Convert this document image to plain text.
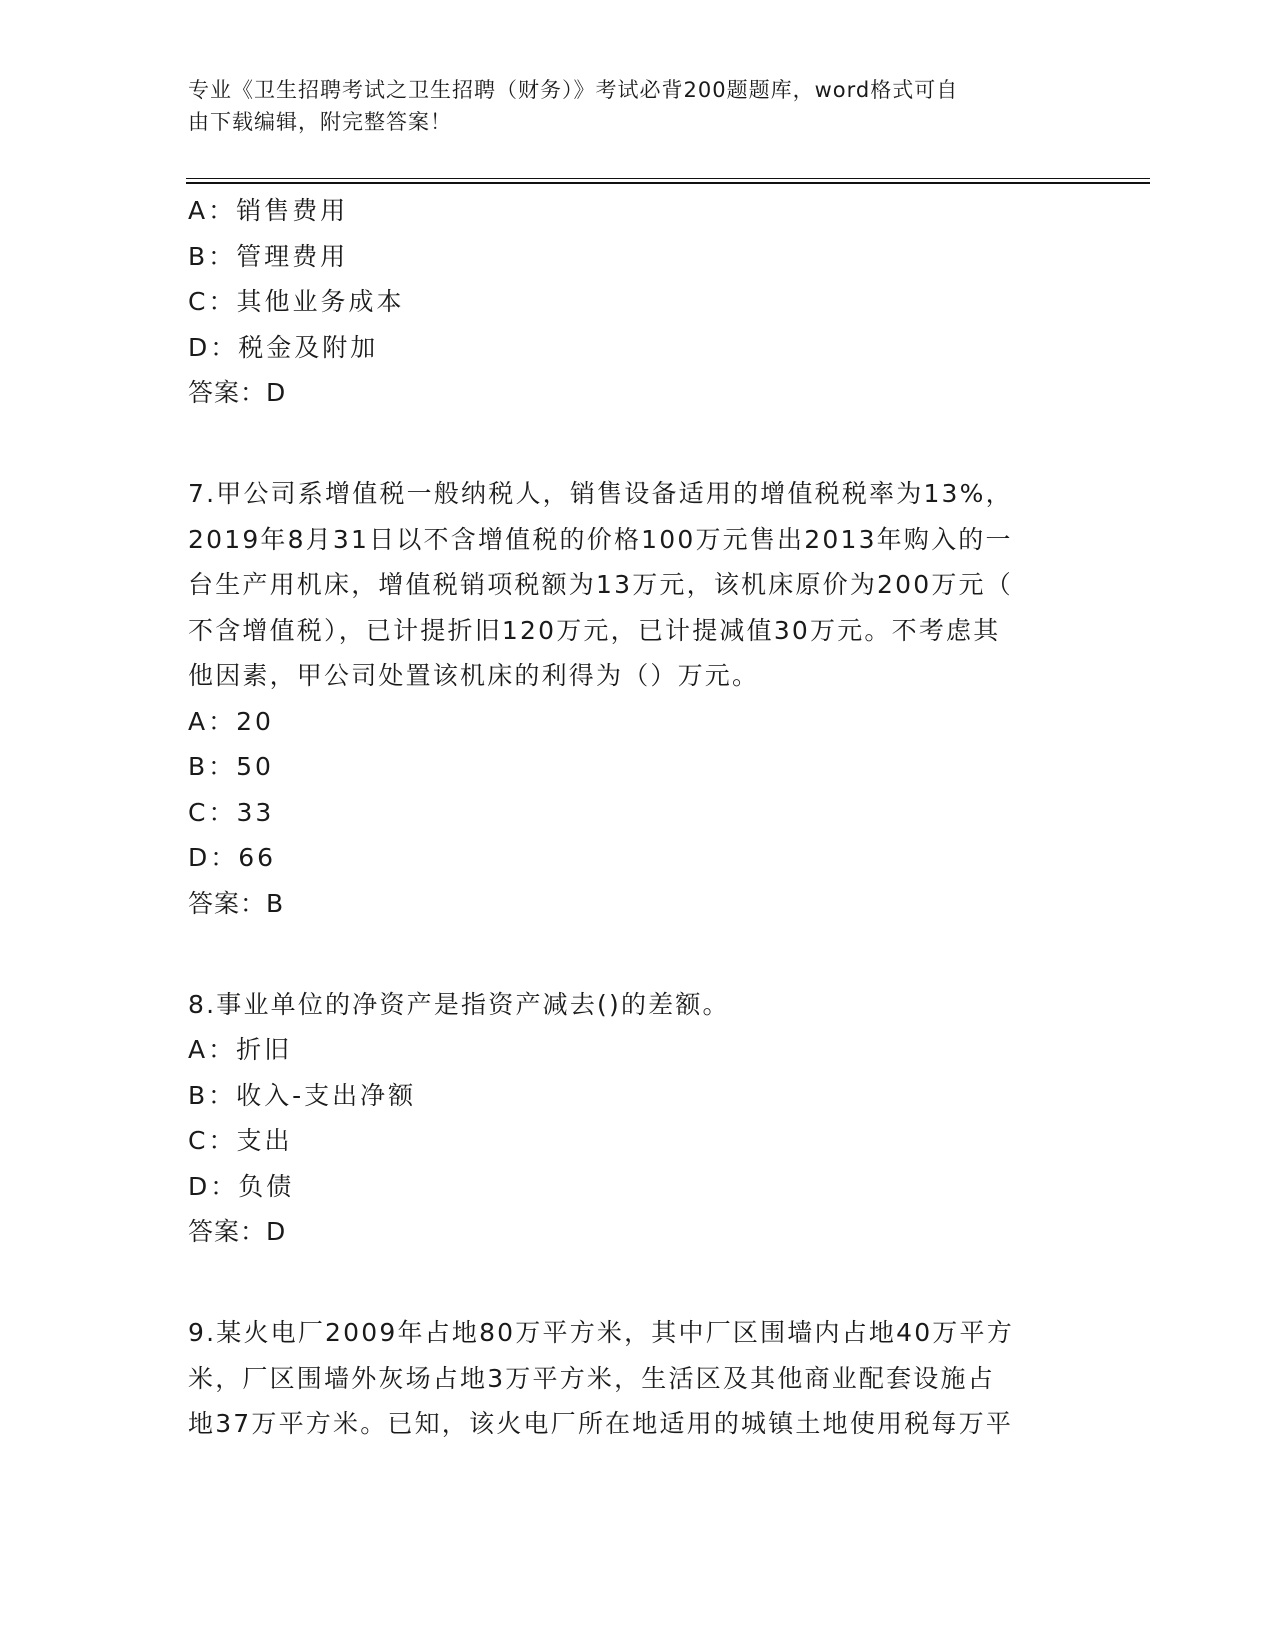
专业《卫生招聘考试之卫生招聘（财务）》考试必背200题题库，word格式可自
由下载编辑，附完整答案！
A：销售费用
B：管理费用
C：其他业务成本
D：税金及附加
答案：D
7.甲公司系增值税一般纳税人，销售设备适用的增值税税率为13%，
2019年8月31日以不含增值税的价格100万元售出2013年购入的一
台生产用机床，增值税销项税额为13万元，该机床原价为200万元（
不含增值税），已计提折旧120万元，已计提减值30万元。不考虑其
他因素，甲公司处置该机床的利得为（）万元。
A：20
B：50
C：33
D：66
答案：B
8.事业单位的净资产是指资产减去()的差额。
A：折旧
B：收入-支出净额
C：支出
D：负债
答案：D
9.某火电厂2009年占地80万平方米，其中厂区围墙内占地40万平方
米，厂区围墙外灰场占地3万平方米，生活区及其他商业配套设施占
地37万平方米。已知，该火电厂所在地适用的城镇土地使用税每万平
